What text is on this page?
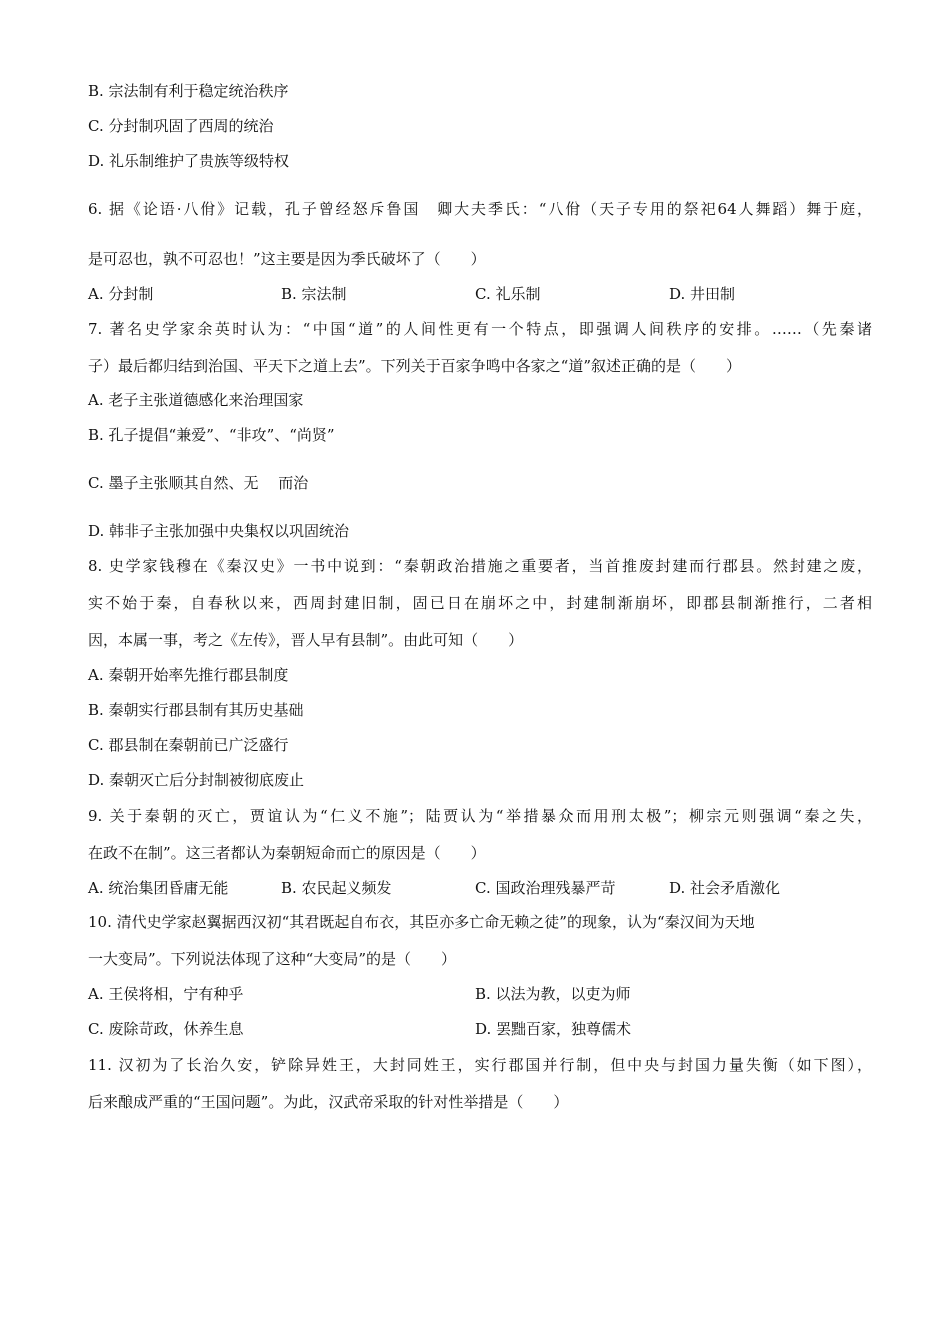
B. 宗法制有利于稳定统治秩序
C. 分封制巩固了西周的统治
D. 礼乐制维护了贵族等级特权
6. 据《论语·八佾》记载，孔子曾经怒斥鲁国　卿大夫季氏：“八佾（天子专用的祭祀64人舞蹈）舞于庭，
是可忍也，孰不可忍也！”这主要是因为季氏破坏了（　　）
A. 分封制	B. 宗法制	C. 礼乐制	D. 井田制
7. 著名史学家余英时认为：“中国“道”的人间性更有一个特点，即强调人间秩序的安排。……（先秦诸
子）最后都归结到治国、平天下之道上去”。下列关于百家争鸣中各家之“道”叙述正确的是（　　）
A. 老子主张道德感化来治理国家
B. 孔子提倡“兼爱”、“非攻”、“尚贤”
C. 墨子主张顺其自然、无　 而治
D. 韩非子主张加强中央集权以巩固统治
8. 史学家钱穆在《秦汉史》一书中说到：“秦朝政治措施之重要者，当首推废封建而行郡县。然封建之废，
实不始于秦，自春秋以来，西周封建旧制，固已日在崩坏之中，封建制渐崩坏，即郡县制渐推行，二者相
因，本属一事，考之《左传》，晋人早有县制”。由此可知（　　）
A. 秦朝开始率先推行郡县制度
B. 秦朝实行郡县制有其历史基础
C. 郡县制在秦朝前已广泛盛行
D. 秦朝灭亡后分封制被彻底废止
9. 关于秦朝的灭亡，贾谊认为“仁义不施”；陆贾认为“举措暴众而用刑太极”；柳宗元则强调“秦之失，
在政不在制”。这三者都认为秦朝短命而亡的原因是（　　）
A. 统治集团昏庸无能	B. 农民起义频发	C. 国政治理残暴严苛	D. 社会矛盾激化
10. 清代史学家赵翼据西汉初“其君既起自布衣，其臣亦多亡命无赖之徒”的现象，认为“秦汉间为天地
一大变局”。下列说法体现了这种“大变局”的是（　　）
A. 王侯将相，宁有种乎	B. 以法为教，以吏为师
C. 废除苛政，休养生息	D. 罢黜百家，独尊儒术
11. 汉初为了长治久安，铲除异姓王，大封同姓王，实行郡国并行制，但中央与封国力量失衡（如下图），
后来酿成严重的“王国问题”。为此，汉武帝采取的针对性举措是（　　）
